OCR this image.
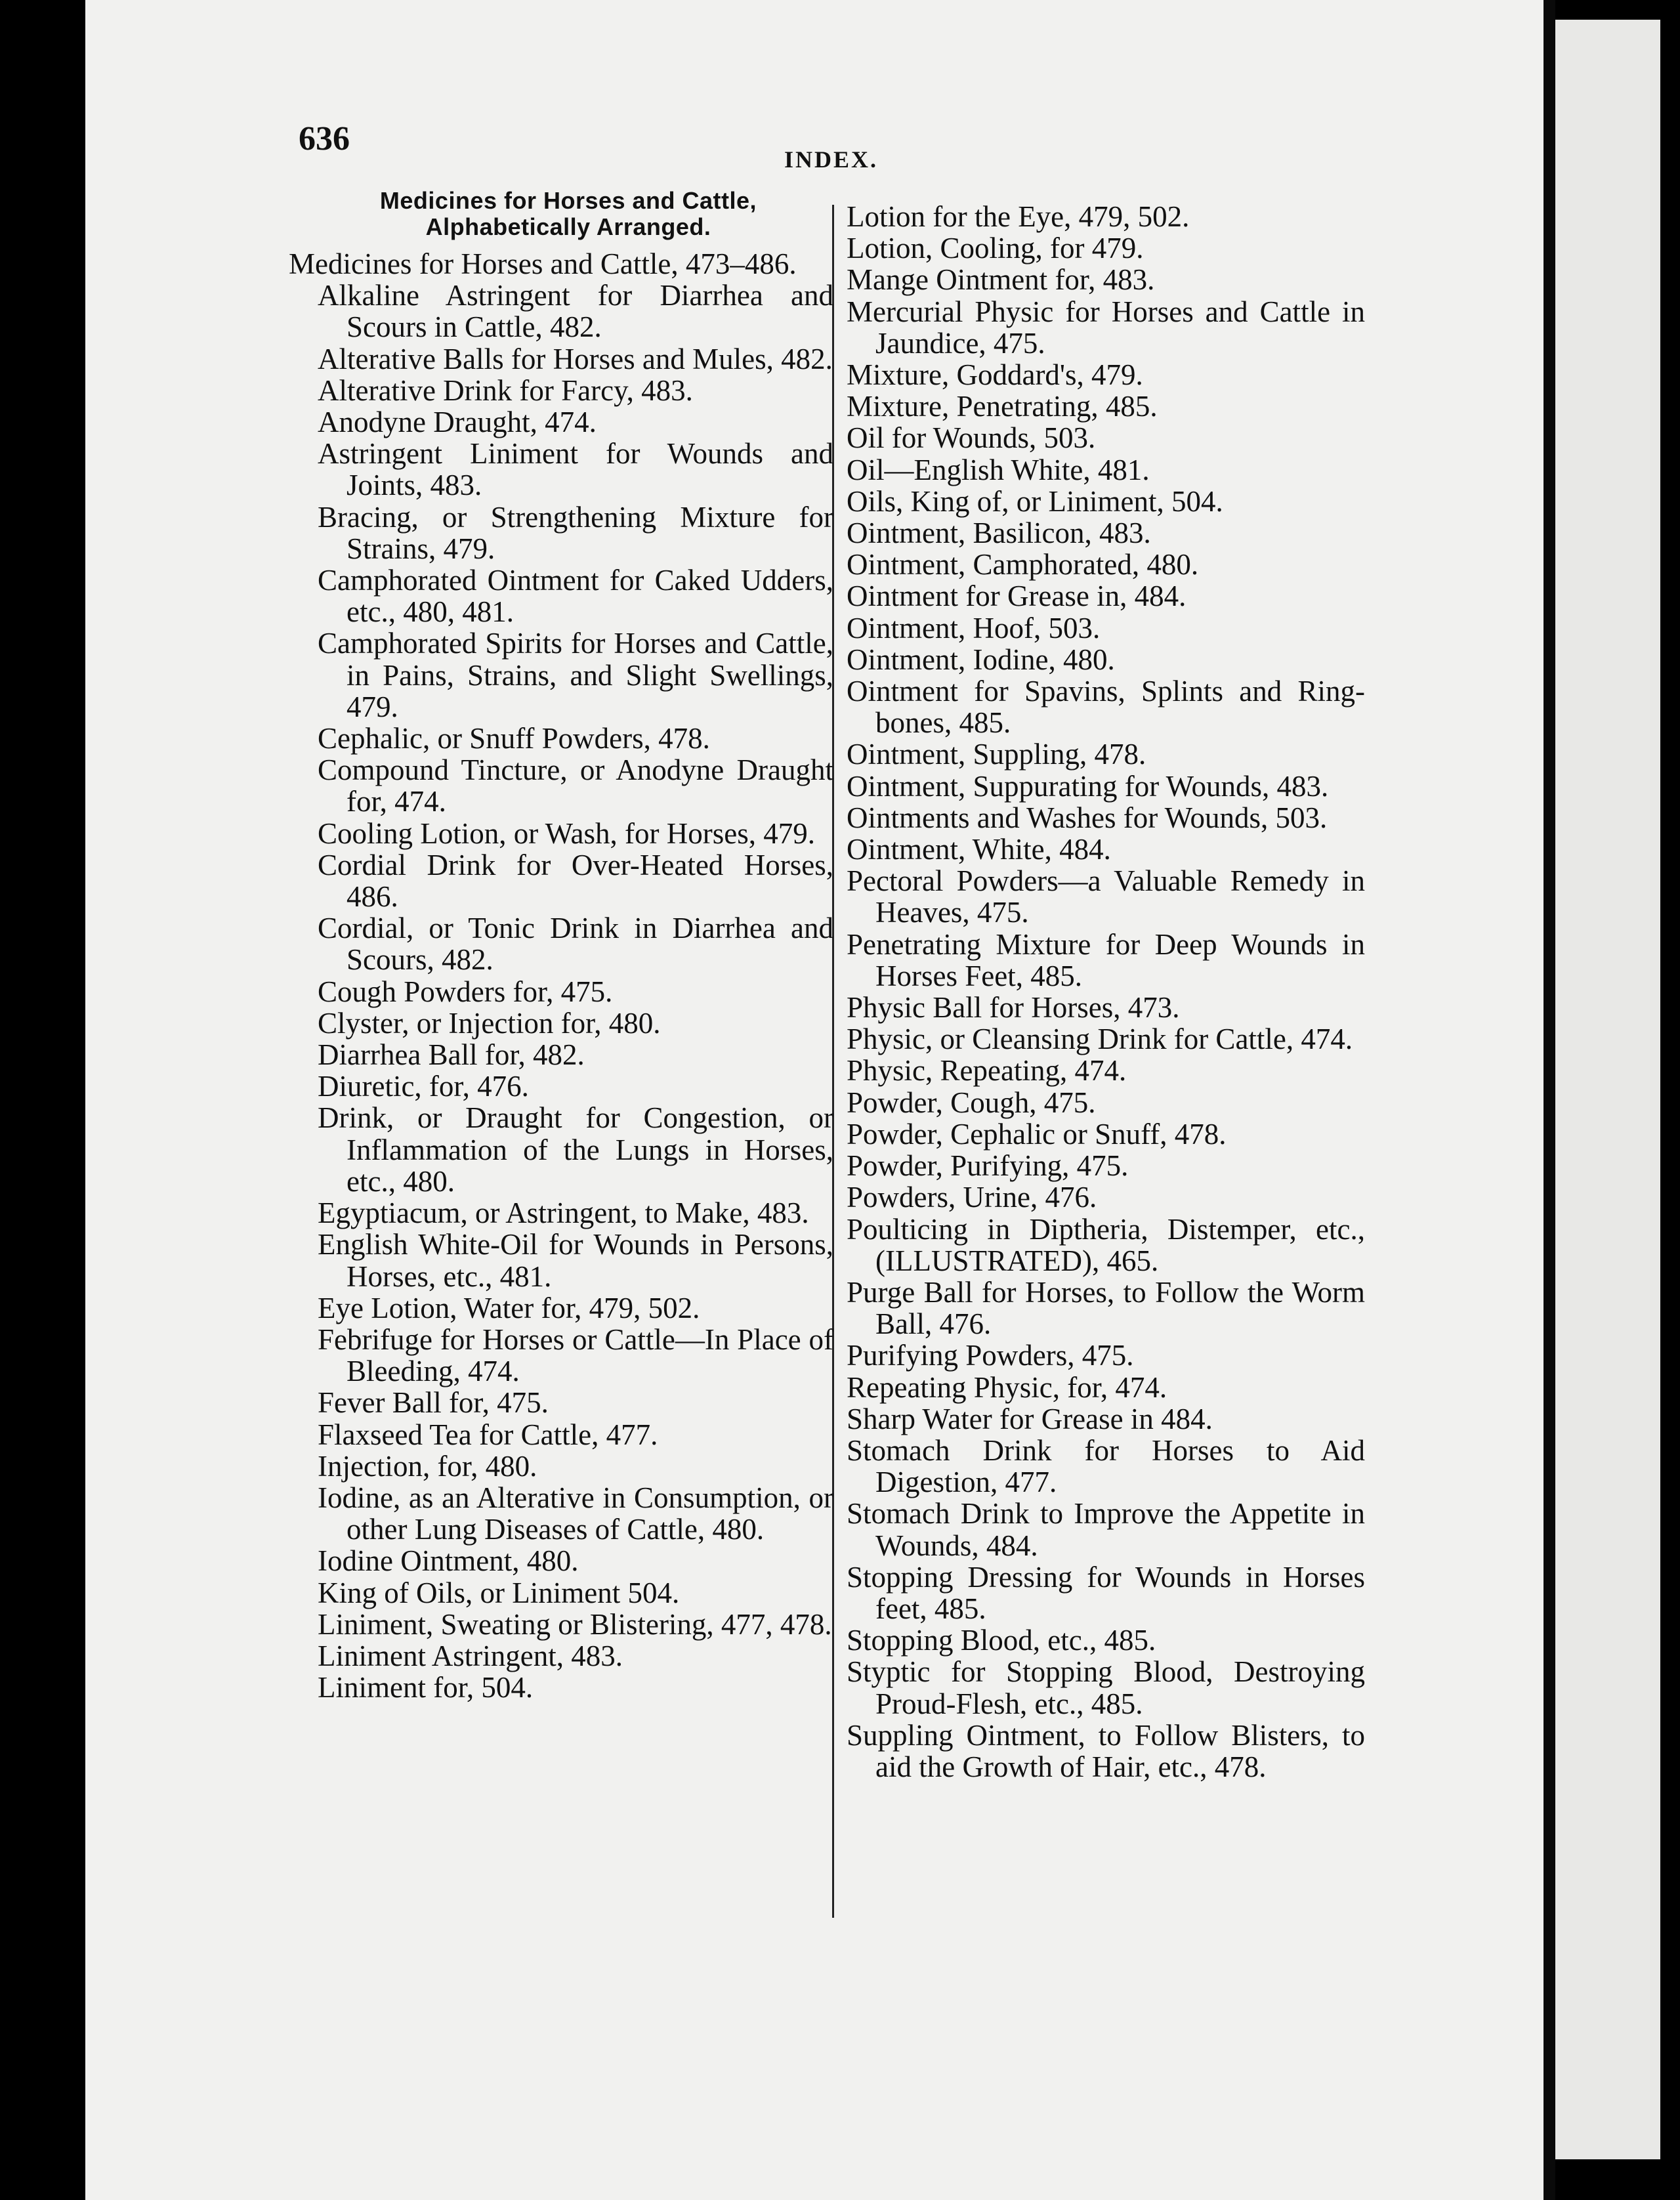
636

INDEX.

Medicines for Horses and Cattle, Alphabetically Arranged.
Medicines for Horses and Cattle, 473–486.
Alkaline Astringent for Diarrhea and Scours in Cattle, 482.
Alterative Balls for Horses and Mules, 482.
Alterative Drink for Farcy, 483.
Anodyne Draught, 474.
Astringent Liniment for Wounds and Joints, 483.
Bracing, or Strengthening Mixture for Strains, 479.
Camphorated Ointment for Caked Udders, etc., 480, 481.
Camphorated Spirits for Horses and Cattle, in Pains, Strains, and Slight Swellings, 479.
Cephalic, or Snuff Powders, 478.
Compound Tincture, or Anodyne Draught for, 474.
Cooling Lotion, or Wash, for Horses, 479.
Cordial Drink for Over-Heated Horses, 486.
Cordial, or Tonic Drink in Diarrhea and Scours, 482.
Cough Powders for, 475.
Clyster, or Injection for, 480.
Diarrhea Ball for, 482.
Diuretic, for, 476.
Drink, or Draught for Congestion, or Inflammation of the Lungs in Horses, etc., 480.
Egyptiacum, or Astringent, to Make, 483.
English White-Oil for Wounds in Persons, Horses, etc., 481.
Eye Lotion, Water for, 479, 502.
Febrifuge for Horses or Cattle—In Place of Bleeding, 474.
Fever Ball for, 475.
Flaxseed Tea for Cattle, 477.
Injection, for, 480.
Iodine, as an Alterative in Consumption, or other Lung Diseases of Cattle, 480.
Iodine Ointment, 480.
King of Oils, or Liniment 504.
Liniment, Sweating or Blistering, 477, 478.
Liniment Astringent, 483.
Liniment for, 504.
Lotion for the Eye, 479, 502.
Lotion, Cooling, for 479.
Mange Ointment for, 483.
Mercurial Physic for Horses and Cattle in Jaundice, 475.
Mixture, Goddard's, 479.
Mixture, Penetrating, 485.
Oil for Wounds, 503.
Oil—English White, 481.
Oils, King of, or Liniment, 504.
Ointment, Basilicon, 483.
Ointment, Camphorated, 480.
Ointment for Grease in, 484.
Ointment, Hoof, 503.
Ointment, Iodine, 480.
Ointment for Spavins, Splints and Ring-bones, 485.
Ointment, Suppling, 478.
Ointment, Suppurating for Wounds, 483.
Ointments and Washes for Wounds, 503.
Ointment, White, 484.
Pectoral Powders—a Valuable Remedy in Heaves, 475.
Penetrating Mixture for Deep Wounds in Horses Feet, 485.
Physic Ball for Horses, 473.
Physic, or Cleansing Drink for Cattle, 474.
Physic, Repeating, 474.
Powder, Cough, 475.
Powder, Cephalic or Snuff, 478.
Powder, Purifying, 475.
Powders, Urine, 476.
Poulticing in Diptheria, Distemper, etc., (ILLUSTRATED), 465.
Purge Ball for Horses, to Follow the Worm Ball, 476.
Purifying Powders, 475.
Repeating Physic, for, 474.
Sharp Water for Grease in 484.
Stomach Drink for Horses to Aid Digestion, 477.
Stomach Drink to Improve the Appetite in Wounds, 484.
Stopping Dressing for Wounds in Horses feet, 485.
Stopping Blood, etc., 485.
Styptic for Stopping Blood, Destroying Proud-Flesh, etc., 485.
Suppling Ointment, to Follow Blisters, to aid the Growth of Hair, etc., 478.
